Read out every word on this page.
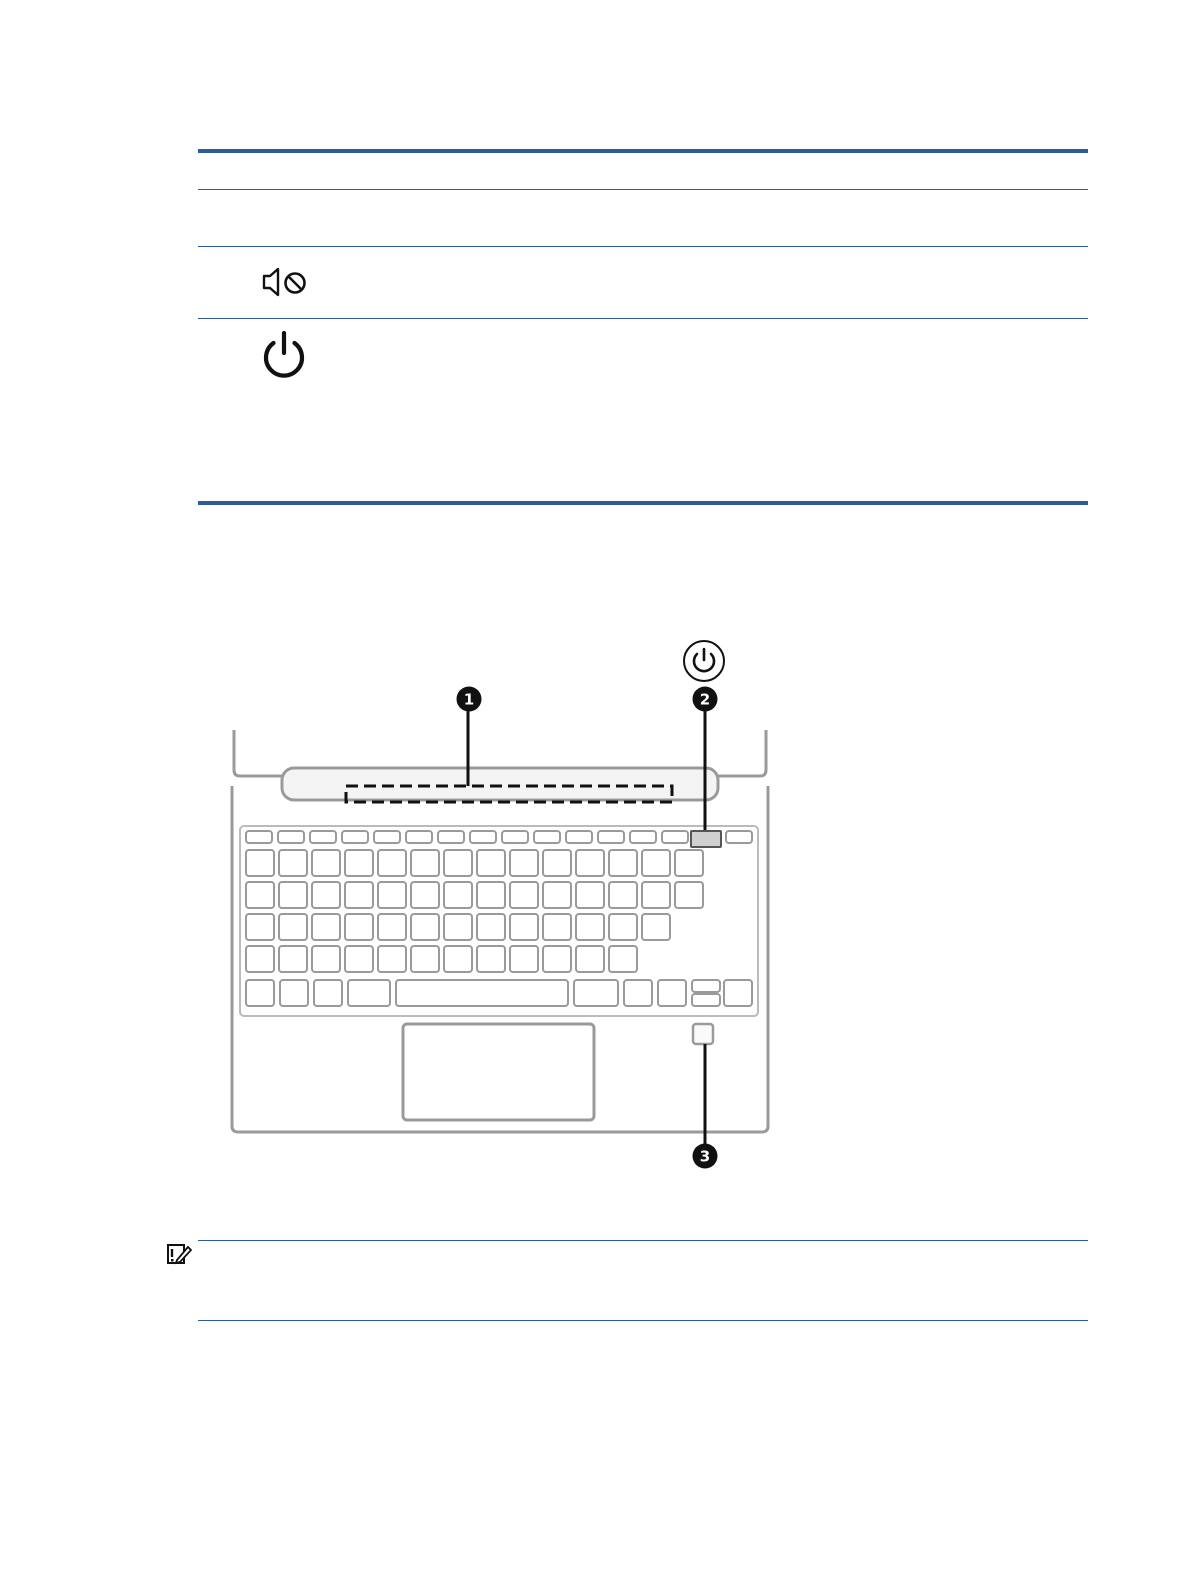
1	2
3
